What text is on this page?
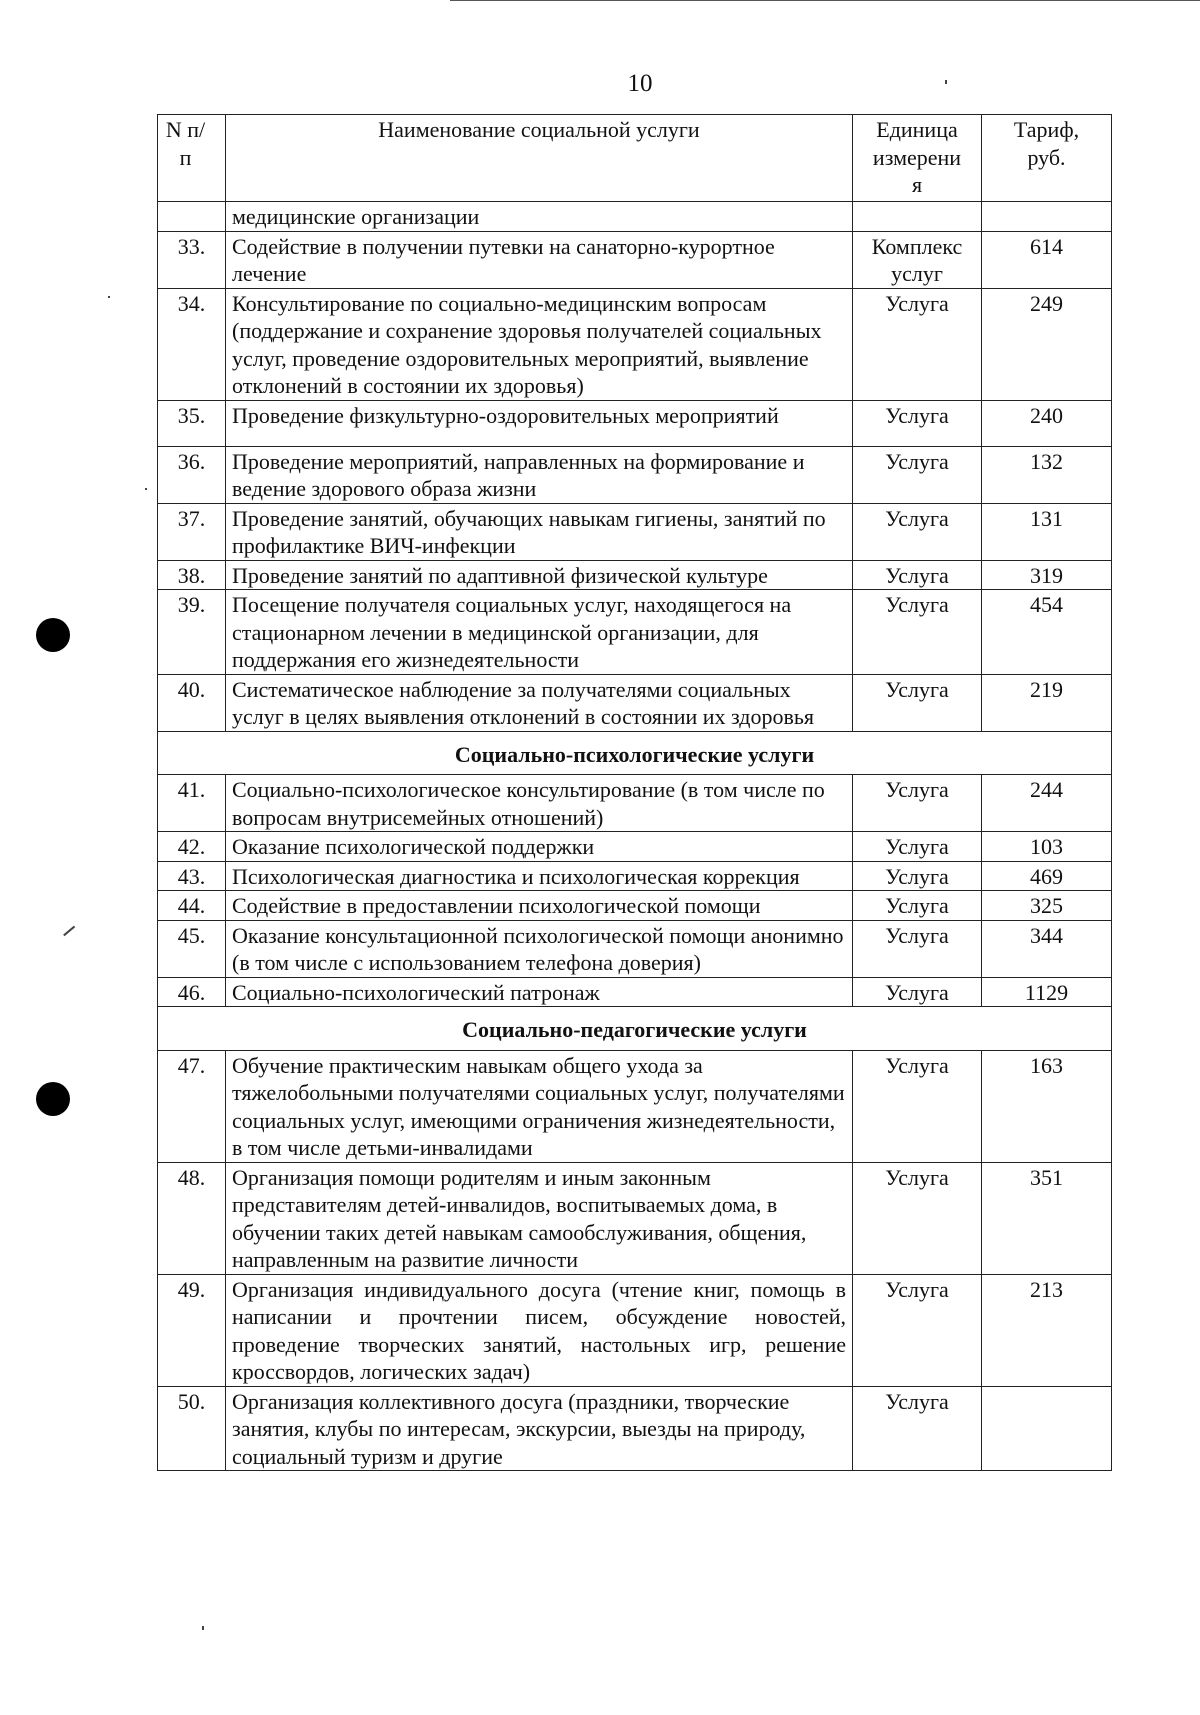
10
N п/п	Наименование социальной услуги	Единица измерени я	Тариф, руб.
	медицинские организации		
33.	Содействие в получении путевки на санаторно-курортное лечение	Комплекс услуг	614
34.	Консультирование по социально-медицинским вопросам (поддержание и сохранение здоровья получателей социальных услуг, проведение оздоровительных мероприятий, выявление отклонений в состоянии их здоровья)	Услуга	249
35.	Проведение физкультурно-оздоровительных мероприятий	Услуга	240
36.	Проведение мероприятий, направленных на формирование и ведение здорового образа жизни	Услуга	132
37.	Проведение занятий, обучающих навыкам гигиены, занятий по профилактике ВИЧ-инфекции	Услуга	131
38.	Проведение занятий по адаптивной физической культуре	Услуга	319
39.	Посещение получателя социальных услуг, находящегося на стационарном лечении в медицинской организации, для поддержания его жизнедеятельности	Услуга	454
40.	Систематическое наблюдение за получателями социальных услуг в целях выявления отклонений в состоянии их здоровья	Услуга	219
Социально-психологические услуги			
41.	Социально-психологическое консультирование (в том числе по вопросам внутрисемейных отношений)	Услуга	244
42.	Оказание психологической поддержки	Услуга	103
43.	Психологическая диагностика и психологическая коррекция	Услуга	469
44.	Содействие в предоставлении психологической помощи	Услуга	325
45.	Оказание консультационной психологической помощи анонимно (в том числе с использованием телефона доверия)	Услуга	344
46.	Социально-психологический патронаж	Услуга	1129
Социально-педагогические услуги			
47.	Обучение практическим навыкам общего ухода за тяжелобольными получателями социальных услуг, получателями социальных услуг, имеющими ограничения жизнедеятельности, в том числе детьми-инвалидами	Услуга	163
48.	Организация помощи родителям и иным законным представителям детей-инвалидов, воспитываемых дома, в обучении таких детей навыкам самообслуживания, общения, направленным на развитие личности	Услуга	351
49.	Организация индивидуального досуга (чтение книг, помощь в написании и прочтении писем, обсуждение новостей, проведение творческих занятий, настольных игр, решение кроссвордов, логических задач)	Услуга	213
50.	Организация коллективного досуга (праздники, творческие занятия, клубы по интересам, экскурсии, выезды на природу, социальный туризм и другие	Услуга	
